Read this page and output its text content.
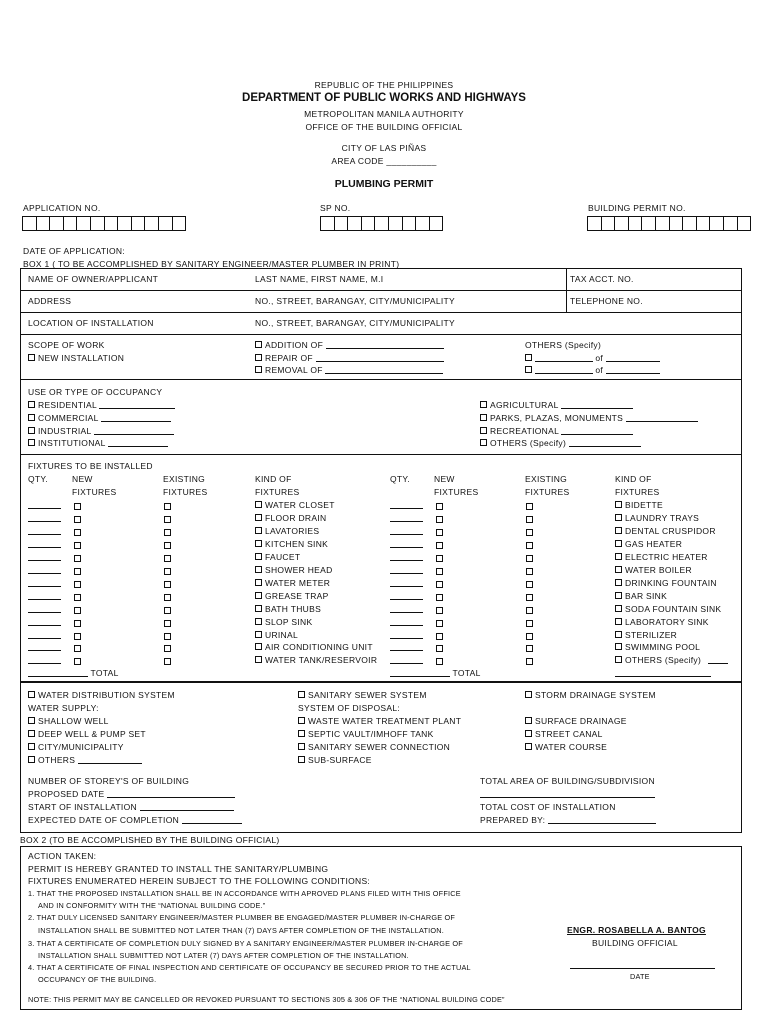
REPUBLIC OF THE PHILIPPINES
DEPARTMENT OF PUBLIC WORKS AND HIGHWAYS
METROPOLITAN MANILA AUTHORITY
OFFICE OF THE BUILDING OFFICIAL
CITY OF LAS PIÑAS
AREA CODE __________
PLUMBING PERMIT
APPLICATION NO.	SP NO.	BUILDING PERMIT NO.
DATE OF APPLICATION:
BOX 1 ( TO BE ACCOMPLISHED BY SANITARY ENGINEER/MASTER PLUMBER IN PRINT)
NAME OF OWNER/APPLICANT	LAST NAME, FIRST NAME, M.I	TAX ACCT. NO.
ADDRESS	NO., STREET, BARANGAY, CITY/MUNICIPALITY	TELEPHONE NO.
LOCATION OF INSTALLATION	NO., STREET, BARANGAY, CITY/MUNICIPALITY
SCOPE OF WORK
NEW INSTALLATION
ADDITION OF
REPAIR OF
REMOVAL OF
OTHERS (Specify)
of
of
USE OR TYPE OF OCCUPANCY
RESIDENTIAL
COMMERCIAL
INDUSTRIAL
INSTITUTIONAL
AGRICULTURAL
PARKS, PLAZAS, MONUMENTS
RECREATIONAL
OTHERS (Specify)
FIXTURES TO BE INSTALLED
QTY.	NEW
FIXTURES
EXISTING
FIXTURES
KIND OF
FIXTURES
QTY.	NEW
FIXTURES
EXISTING
FIXTURES
KIND OF
FIXTURES
WATER CLOSET
FLOOR DRAIN
LAVATORIES
KITCHEN SINK
FAUCET
SHOWER HEAD
WATER METER
GREASE TRAP
BATH THUBS
SLOP SINK
URINAL
AIR CONDITIONING UNIT
WATER TANK/RESERVOIR
BIDETTE
LAUNDRY TRAYS
DENTAL CRUSPIDOR
GAS HEATER
ELECTRIC HEATER
WATER BOILER
DRINKING FOUNTAIN
BAR SINK
SODA FOUNTAIN SINK
LABORATORY SINK
STERILIZER
SWIMMING POOL
OTHERS (Specify)
TOTAL	TOTAL
WATER DISTRIBUTION SYSTEM	SANITARY SEWER SYSTEM	STORM DRAINAGE SYSTEM
WATER SUPPLY:	SYSTEM OF DISPOSAL:
SHALLOW WELL
DEEP WELL & PUMP SET
CITY/MUNICIPALITY
OTHERS
WASTE WATER TREATMENT PLANT
SEPTIC VAULT/IMHOFF TANK
SANITARY SEWER CONNECTION
SUB-SURFACE
SURFACE DRAINAGE
STREET CANAL
WATER COURSE
NUMBER OF STOREY'S OF BUILDING
PROPOSED DATE
START OF INSTALLATION
EXPECTED DATE OF COMPLETION
TOTAL AREA OF BUILDING/SUBDIVISION
TOTAL COST OF INSTALLATION
PREPARED BY:
BOX 2 (TO BE ACCOMPLISHED BY THE BUILDING OFFICIAL)
ACTION TAKEN:
PERMIT IS HEREBY GRANTED TO INSTALL THE SANITARY/PLUMBING
FIXTURES ENUMERATED HEREIN SUBJECT TO THE FOLLOWING CONDITIONS:
1. THAT THE PROPOSED INSTALLATION SHALL BE IN ACCORDANCE WITH APROVED PLANS FILED WITH THIS OFFICE
AND IN CONFORMITY WITH THE “NATIONAL BUILDING CODE.”
2. THAT DULY LICENSED SANITARY ENGINEER/MASTER PLUMBER BE ENGAGED/MASTER PLUMBER IN-CHARGE OF
INSTALLATION SHALL BE SUBMITTED NOT LATER THAN (7) DAYS AFTER COMPLETION OF THE INSTALLATION.
3. THAT A CERTIFICATE OF COMPLETION DULY SIGNED BY A SANITARY ENGINEER/MASTER PLUMBER IN-CHARGE OF
INSTALLATION SHALL SUBMITTED NOT LATER (7) DAYS AFTER COMPLETION OF THE INSTALLATION.
4. THAT A CERTIFICATE OF FINAL INSPECTION AND CERTIFICATE OF OCCUPANCY BE SECURED PRIOR TO THE ACTUAL
OCCUPANCY OF THE BUILDING.
NOTE: THIS PERMIT MAY BE CANCELLED OR REVOKED PURSUANT TO SECTIONS 305 & 306 OF THE “NATIONAL BUILDING CODE”
ENGR. ROSABELLA A. BANTOG
BUILDING OFFICIAL
DATE
